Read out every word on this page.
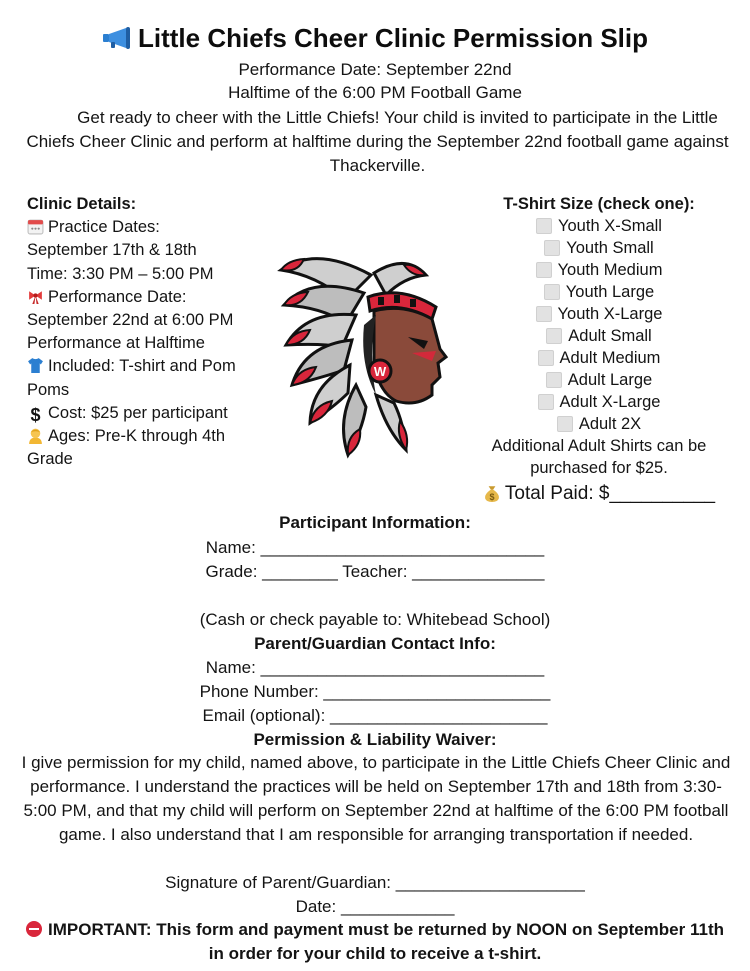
Little Chiefs Cheer Clinic Permission Slip
Performance Date: September 22nd
Halftime of the 6:00 PM Football Game
Get ready to cheer with the Little Chiefs! Your child is invited to participate in the Little Chiefs Cheer Clinic and perform at halftime during the September 22nd football game against Thackerville.
Clinic Details:
Practice Dates:
September 17th & 18th
Time: 3:30 PM – 5:00 PM
Performance Date:
September 22nd at 6:00 PM
Performance at Halftime
Included: T-shirt and Pom Poms
$ Cost: $25 per participant
Ages: Pre-K through 4th Grade
W
T-Shirt Size (check one):
Youth X-Small
Youth Small
Youth Medium
Youth Large
Youth X-Large
Adult Small
Adult Medium
Adult Large
Adult X-Large
Adult 2X
Additional Adult Shirts can be purchased for $25.
$ Total Paid: $__________
Participant Information:
Name: ______________________________
Grade: ________ Teacher: ______________
(Cash or check payable to: Whitebead School)
Parent/Guardian Contact Info:
Name: ______________________________
Phone Number: ________________________
Email (optional): _______________________
Permission & Liability Waiver:
I give permission for my child, named above, to participate in the Little Chiefs Cheer Clinic and performance. I understand the practices will be held on September 17th and 18th from 3:30-5:00 PM, and that my child will perform on September 22nd at halftime of the 6:00 PM football game. I also understand that I am responsible for arranging transportation if needed.
Signature of Parent/Guardian: ____________________
Date: ____________
IMPORTANT: This form and payment must be returned by NOON on September 11th in order for your child to receive a t-shirt.
